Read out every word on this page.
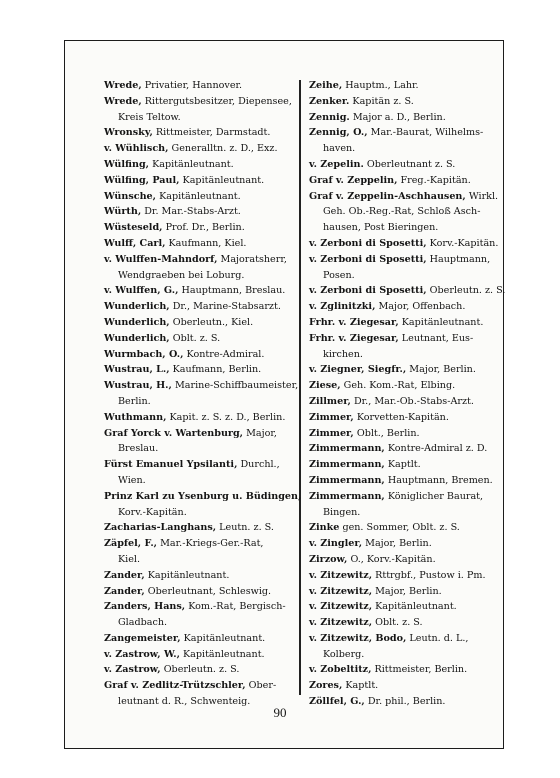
Wrede, Privatier, Hannover.
Wrede, Rittergutsbesitzer, Diepensee,
Kreis Teltow.
Wronsky, Rittmeister, Darmstadt.
v. Wühlisch, Generalltn. z. D., Exz.
Wülfing, Kapitänleutnant.
Wülfing, Paul, Kapitänleutnant.
Wünsche, Kapitänleutnant.
Würth, Dr. Mar.-Stabs-Arzt.
Wüsteseld, Prof. Dr., Berlin.
Wulff, Carl, Kaufmann, Kiel.
v. Wulffen-Mahndorf, Majoratsherr,
Wendgraeben bei Loburg.
v. Wulffen, G., Hauptmann, Breslau.
Wunderlich, Dr., Marine-Stabsarzt.
Wunderlich, Oberleutn., Kiel.
Wunderlich, Oblt. z. S.
Wurmbach, O., Kontre-Admiral.
Wustrau, L., Kaufmann, Berlin.
Wustrau, H., Marine-Schiffbaumeister,
Berlin.
Wuthmann, Kapit. z. S. z. D., Berlin.
Graf Yorck v. Wartenburg, Major,
Breslau.
Fürst Emanuel Ypsilanti, Durchl.,
Wien.
Prinz Karl zu Ysenburg u. Büdingen,
Korv.-Kapitän.
Zacharias-Langhans, Leutn. z. S.
Zäpfel, F., Mar.-Kriegs-Ger.-Rat,
Kiel.
Zander, Kapitänleutnant.
Zander, Oberleutnant, Schleswig.
Zanders, Hans, Kom.-Rat, Bergisch-
Gladbach.
Zangemeister, Kapitänleutnant.
v. Zastrow, W., Kapitänleutnant.
v. Zastrow, Oberleutn. z. S.
Graf v. Zedlitz-Trützschler, Ober-
leutnant d. R., Schwenteig.
Zeihe, Hauptm., Lahr.
Zenker. Kapitän z. S.
Zennig. Major a. D., Berlin.
Zennig, O., Mar.-Baurat, Wilhelms-
haven.
v. Zepelin. Oberleutnant z. S.
Graf v. Zeppelin, Freg.-Kapitän.
Graf v. Zeppelin-Aschhausen, Wirkl.
Geh. Ob.-Reg.-Rat, Schloß Asch-
hausen, Post Bieringen.
v. Zerboni di Sposetti, Korv.-Kapitän.
v. Zerboni di Sposetti, Hauptmann,
Posen.
v. Zerboni di Sposetti, Oberleutn. z. S.
v. Zglinitzki, Major, Offenbach.
Frhr. v. Ziegesar, Kapitänleutnant.
Frhr. v. Ziegesar, Leutnant, Eus-
kirchen.
v. Ziegner, Siegfr., Major, Berlin.
Ziese, Geh. Kom.-Rat, Elbing.
Zillmer, Dr., Mar.-Ob.-Stabs-Arzt.
Zimmer, Korvetten-Kapitän.
Zimmer, Oblt., Berlin.
Zimmermann, Kontre-Admiral z. D.
Zimmermann, Kaptlt.
Zimmermann, Hauptmann, Bremen.
Zimmermann, Königlicher Baurat,
Bingen.
Zinke gen. Sommer, Oblt. z. S.
v. Zingler, Major, Berlin.
Zirzow, O., Korv.-Kapitän.
v. Zitzewitz, Rttrgbf., Pustow i. Pm.
v. Zitzewitz, Major, Berlin.
v. Zitzewitz, Kapitänleutnant.
v. Zitzewitz, Oblt. z. S.
v. Zitzewitz, Bodo, Leutn. d. L.,
Kolberg.
v. Zobeltitz, Rittmeister, Berlin.
Zores, Kaptlt.
Zöllfel, G., Dr. phil., Berlin.
90
